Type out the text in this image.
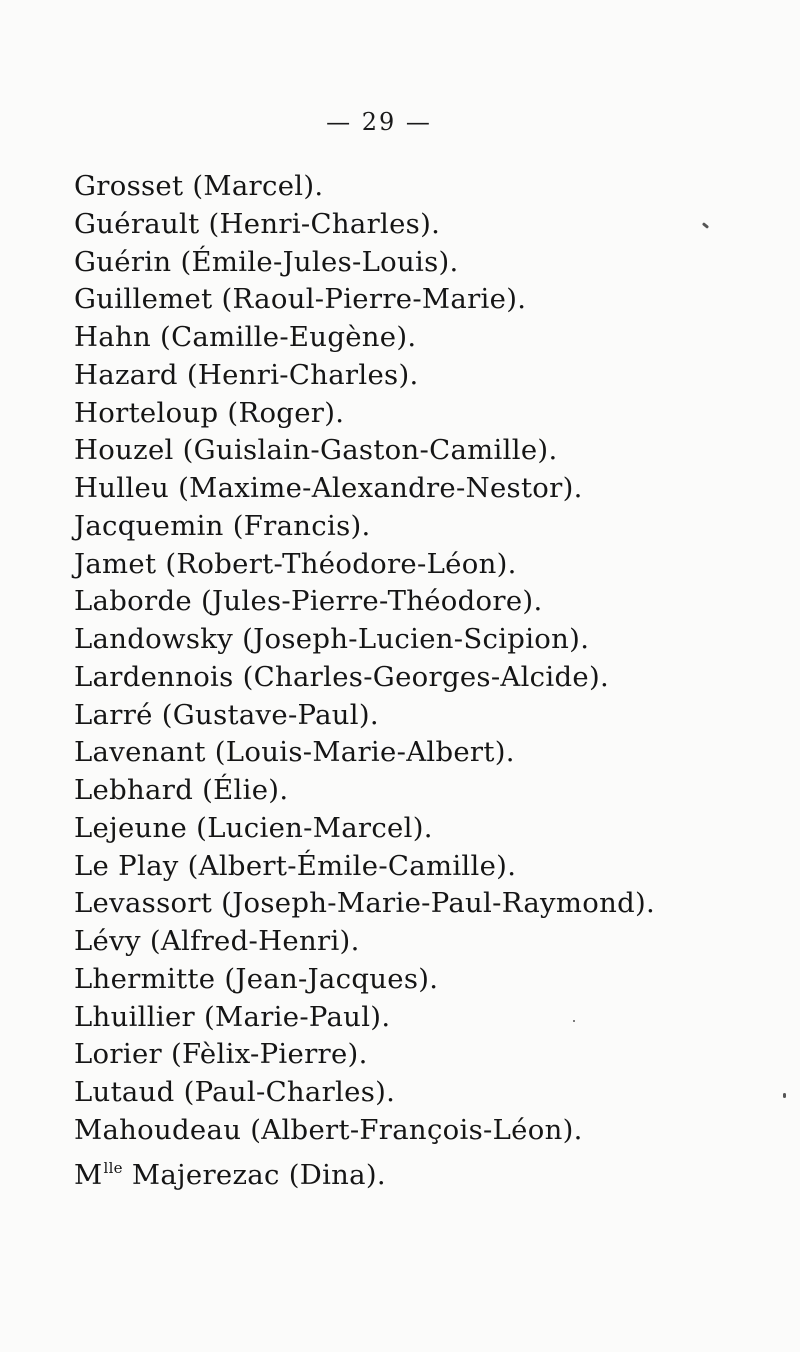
— 29 —
Grosset (Marcel).
Guérault (Henri-Charles).
Guérin (Émile-Jules-Louis).
Guillemet (Raoul-Pierre-Marie).
Hahn (Camille-Eugène).
Hazard (Henri-Charles).
Horteloup (Roger).
Houzel (Guislain-Gaston-Camille).
Hulleu (Maxime-Alexandre-Nestor).
Jacquemin (Francis).
Jamet (Robert-Théodore-Léon).
Laborde (Jules-Pierre-Théodore).
Landowsky (Joseph-Lucien-Scipion).
Lardennois (Charles-Georges-Alcide).
Larré (Gustave-Paul).
Lavenant (Louis-Marie-Albert).
Lebhard (Élie).
Lejeune (Lucien-Marcel).
Le Play (Albert-Émile-Camille).
Levassort (Joseph-Marie-Paul-Raymond).
Lévy (Alfred-Henri).
Lhermitte (Jean-Jacques).
Lhuillier (Marie-Paul).
Lorier (Fèlix-Pierre).
Lutaud (Paul-Charles).
Mahoudeau (Albert-François-Léon).
$M^{lle}$ Majerezac (Dina).
